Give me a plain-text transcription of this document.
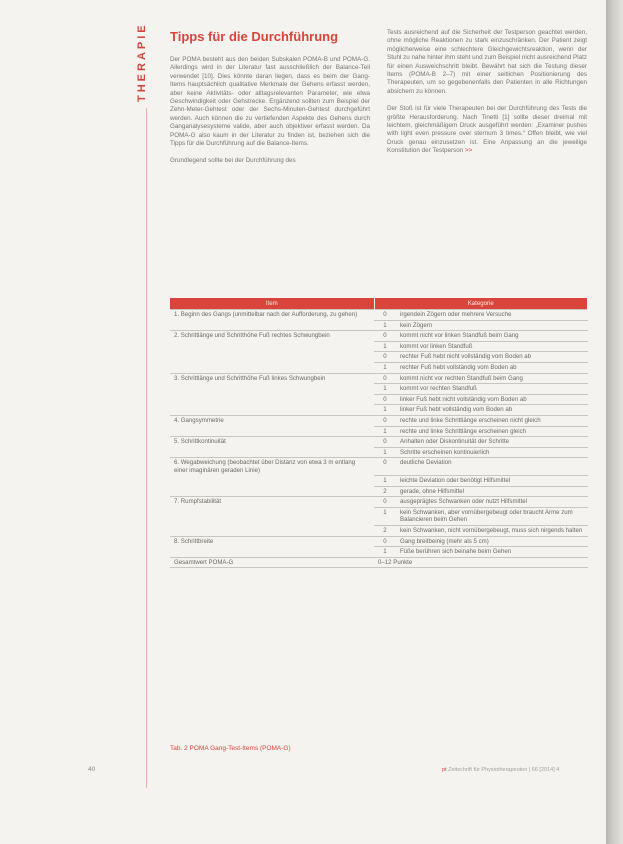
THERAPIE Tipps für die Durchführung

Der POMA besteht aus den beiden Subskalen POMA-B und POMA-G. Allerdings wird in der Literatur fast ausschließlich der Balance-Teil verwendet [10]. Dies könnte daran liegen, dass es beim der Gang-Items hauptsächlich qualitative Merkmale der Gehens erfasst werden, aber keine Aktivitäts- oder alltagsrelevanten Parameter, wie etwa Geschwindigkeit oder Gehstrecke. Ergänzend sollten zum Beispiel der Zehn-Meter-Gehtest oder der Sechs-Minuten-Gehtest durchgeführt werden. Auch können die zu vertiefenden Aspekte des Gehens durch Ganganalysesysteme valide, aber auch objektiver erfasst werden. Da POMA-G also kaum in der Literatur zu finden ist, beziehen sich die Tipps für die Durchführung auf die Balance-Items.

Grundlegend sollte bei der Durchführung des

Tests ausreichend auf die Sicherheit der Testperson geachtet werden, ohne mögliche Reaktionen zu stark einzuschränken. Der Patient zeigt möglicherweise eine schlechtere Gleichgewichtsreaktion, wenn der Stuhl zu nahe hinter ihm steht und zum Beispiel nicht ausreichend Platz für einen Ausweichschritt bleibt. Bewährt hat sich die Testung dieser Items (POMA-B 2–7) mit einer seitlichen Positionierung des Therapeuten, um so gegebenenfalls den Patienten in alle Richtungen absichern zu können.

Der Stoß ist für viele Therapeuten bei der Durchführung des Tests die größte Herausforderung. Nach Tinetti [1] sollte dieser dreimal mit leichtem, gleichmäßigem Druck ausgeführt werden: „Examiner pushes with light even pressure over sternum 3 times.“ Offen bleibt, wie viel Druck genau einzusetzen ist. Eine Anpassung an die jeweilige Konstitution der Testperson >>

Item	Kategorie	
1. Beginn des Gangs (unmittelbar nach der Aufforderung, zu gehen)	0	irgendein Zögern oder mehrere Versuche
	1	kein Zögern
2. Schrittlänge und Schritthöhe Fuß rechtes Schwungbein	0	kommt nicht vor linken Standfuß beim Gang
	1	kommt vor linken Standfuß
	0	rechter Fuß hebt nicht vollständig vom Boden ab
	1	rechter Fuß hebt vollständig vom Boden ab
3. Schrittlänge und Schritthöhe Fuß linkes Schwungbein	0	kommt nicht vor rechten Standfuß beim Gang
	1	kommt vor rechten Standfuß
	0	linker Fuß hebt nicht vollständig vom Boden ab
	1	linker Fuß hebt vollständig vom Boden ab
4. Gangsymmetrie	0	rechte und linke Schrittlänge erscheinen nicht gleich
	1	rechte und linke Schrittlänge erscheinen gleich
5. Schrittkontinuität	0	Anhalten oder Diskontinuität der Schritte
	1	Schritte erscheinen kontinuierlich
6. Wegabweichung (beobachtet über Distanz von etwa 3 m entlang einer imaginären geraden Linie)	0	deutliche Deviation
	1	leichte Deviation oder benötigt Hilfsmittel
	2	gerade, ohne Hilfsmittel
7. Rumpfstabilität	0	ausgeprägtes Schwanken oder nutzt Hilfsmittel
	1	kein Schwanken, aber vornübergebeugt oder braucht Arme zum Balancieren beim Gehen
	2	kein Schwanken, nicht vornübergebeugt, muss sich nirgends halten
8. Schrittbreite	0	Gang breitbeinig (mehr als 5 cm)
	1	Füße berühren sich beinahe beim Gehen
Gesamtwert POMA-G	0–12 Punkte	
Tab. 2 POMA Gang-Test-Items (POMA-G)
40	pt Zeitschrift für Physiotherapeuten | 66 [2014] 4
